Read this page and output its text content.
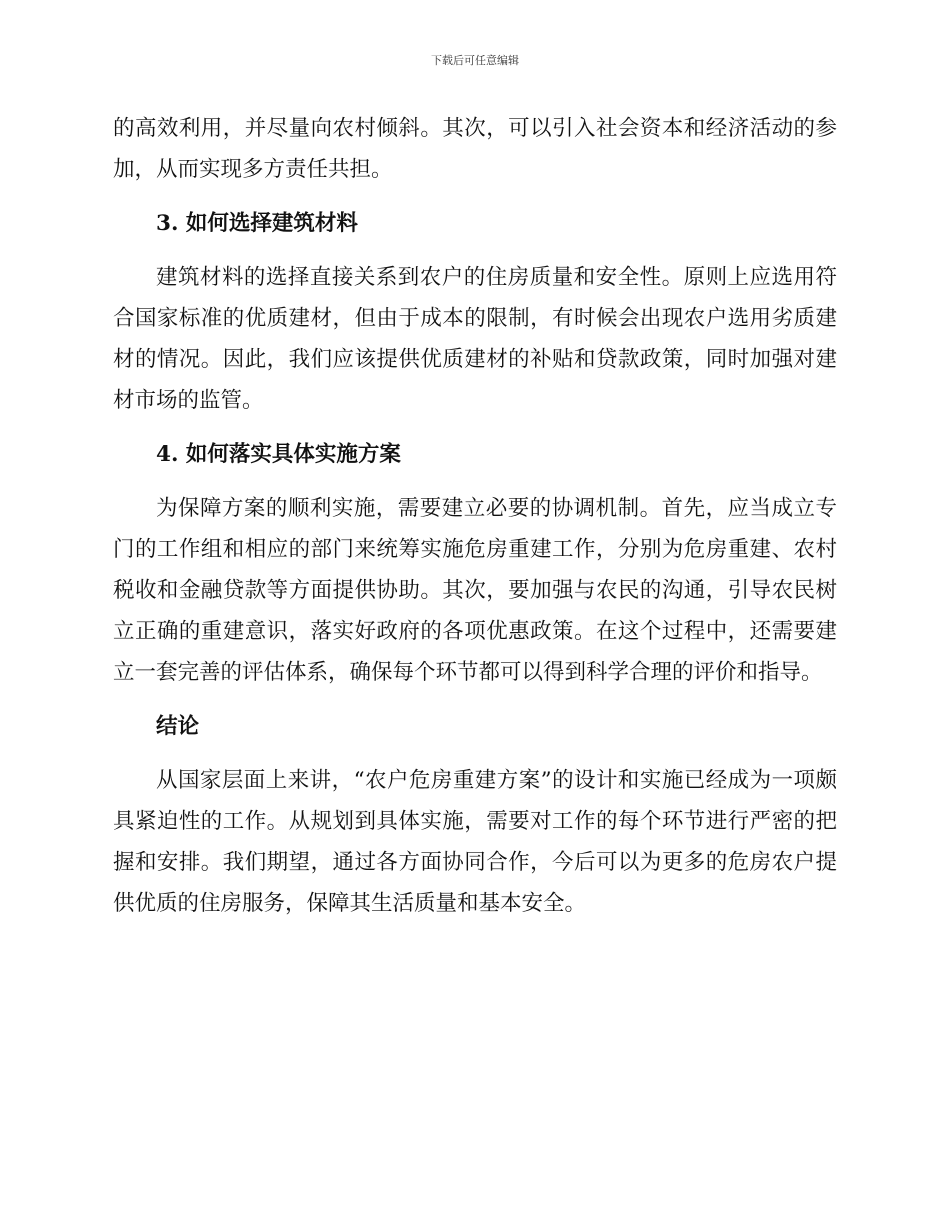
下载后可任意编辑

的高效利用，并尽量向农村倾斜。其次，可以引入社会资本和经济活动的参加，从而实现多方责任共担。

3. 如何选择建筑材料

建筑材料的选择直接关系到农户的住房质量和安全性。原则上应选用符合国家标准的优质建材，但由于成本的限制，有时候会出现农户选用劣质建材的情况。因此，我们应该提供优质建材的补贴和贷款政策，同时加强对建材市场的监管。

4. 如何落实具体实施方案

为保障方案的顺利实施，需要建立必要的协调机制。首先，应当成立专门的工作组和相应的部门来统筹实施危房重建工作，分别为危房重建、农村税收和金融贷款等方面提供协助。其次，要加强与农民的沟通，引导农民树立正确的重建意识，落实好政府的各项优惠政策。在这个过程中，还需要建立一套完善的评估体系，确保每个环节都可以得到科学合理的评价和指导。

结论

从国家层面上来讲，“农户危房重建方案”的设计和实施已经成为一项颇具紧迫性的工作。从规划到具体实施，需要对工作的每个环节进行严密的把握和安排。我们期望，通过各方面协同合作，今后可以为更多的危房农户提供优质的住房服务，保障其生活质量和基本安全。
